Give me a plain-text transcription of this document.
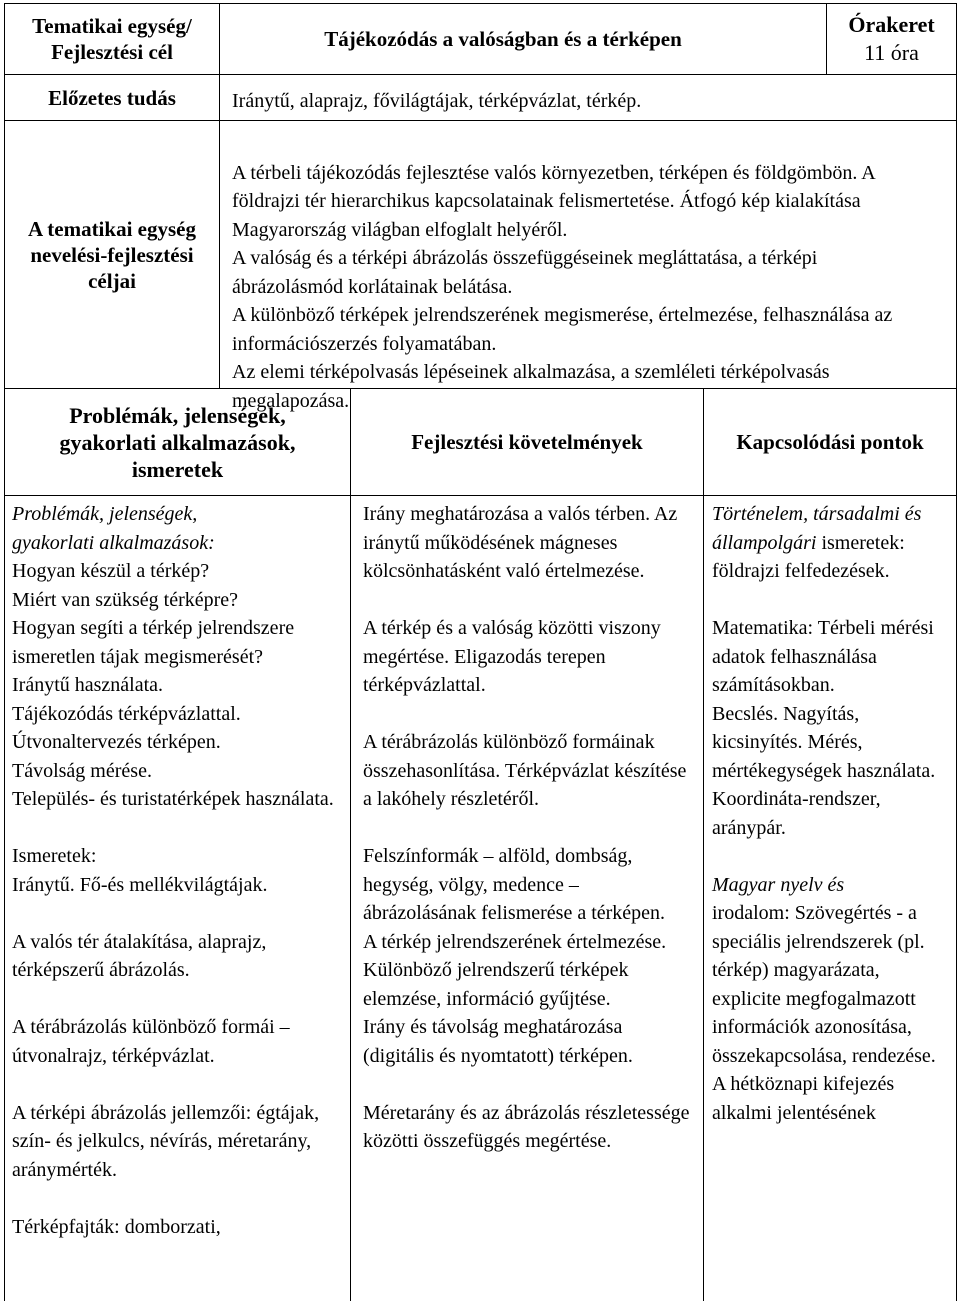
Tematikai egység/
Fejlesztési cél
Tájékozódás a valóságban és a térképen
Órakeret
11 óra
Előzetes tudás	Iránytű, alaprajz, fővilágtájak, térképvázlat, térkép.
A tematikai egység
nevelési-fejlesztési
céljai

A térbeli tájékozódás fejlesztése valós környezetben, térképen és földgömbön. A földrajzi tér hierarchikus kapcsolatainak felismertetése. Átfogó kép kialakítása Magyarország világban elfoglalt helyéről.
A valóság és a térképi ábrázolás összefüggéseinek megláttatása, a térképi ábrázolásmód korlátainak belátása.
A különböző térképek jelrendszerének megismerése, értelmezése, felhasználása az információszerzés folyamatában.
Az elemi térképolvasás lépéseinek alkalmazása, a szemléleti térképolvasás megalapozása.

Problémák, jelenségek,
gyakorlati alkalmazások,
ismeretek
Fejlesztési követelmények	Kapcsolódási pontok

Problémák, jelenségek,
gyakorlati alkalmazások:

Hogyan készül a térkép?
Miért van szükség térképre?
Hogyan segíti a térkép jelrendszere ismeretlen tájak megismerését?
Iránytű használata.
Tájékozódás térképvázlattal.
Útvonaltervezés térképen.
Távolság mérése.
Település- és turistatérképek használata.

Ismeretek:

Iránytű. Fő-és mellékvilágtájak.

A valós tér átalakítása, alaprajz, térképszerű ábrázolás.

A térábrázolás különböző formái – útvonalrajz, térképvázlat.

A térképi ábrázolás jellemzői: égtájak, szín- és jelkulcs, névírás, méretarány, aránymérték.

Térképfajták: domborzati,

Irány meghatározása a valós térben. Az iránytű működésének mágneses kölcsönhatásként való értelmezése.

A térkép és a valóság közötti viszony megértése. Eligazodás terepen térképvázlattal.

A térábrázolás különböző formáinak összehasonlítása. Térképvázlat készítése a lakóhely részletéről.

Felszínformák – alföld, dombság, hegység, völgy, medence – ábrázolásának felismerése a térképen.
A térkép jelrendszerének értelmezése. Különböző jelrendszerű térképek elemzése, információ gyűjtése.
Irány és távolság meghatározása (digitális és nyomtatott) térképen.

Méretarány és az ábrázolás részletessége közötti összefüggés megértése.

Történelem, társadalmi és állampolgári ismeretek: földrajzi felfedezések.

Matematika: Térbeli mérési adatok felhasználása számításokban.
Becslés. Nagyítás, kicsinyítés. Mérés, mértékegységek használata. Koordináta-rendszer, aránypár.

Magyar nyelv és
irodalom: Szövegértés - a speciális jelrendszerek (pl. térkép) magyarázata, explicite megfogalmazott információk azonosítása, összekapcsolása, rendezése. A hétköznapi kifejezés alkalmi jelentésének
